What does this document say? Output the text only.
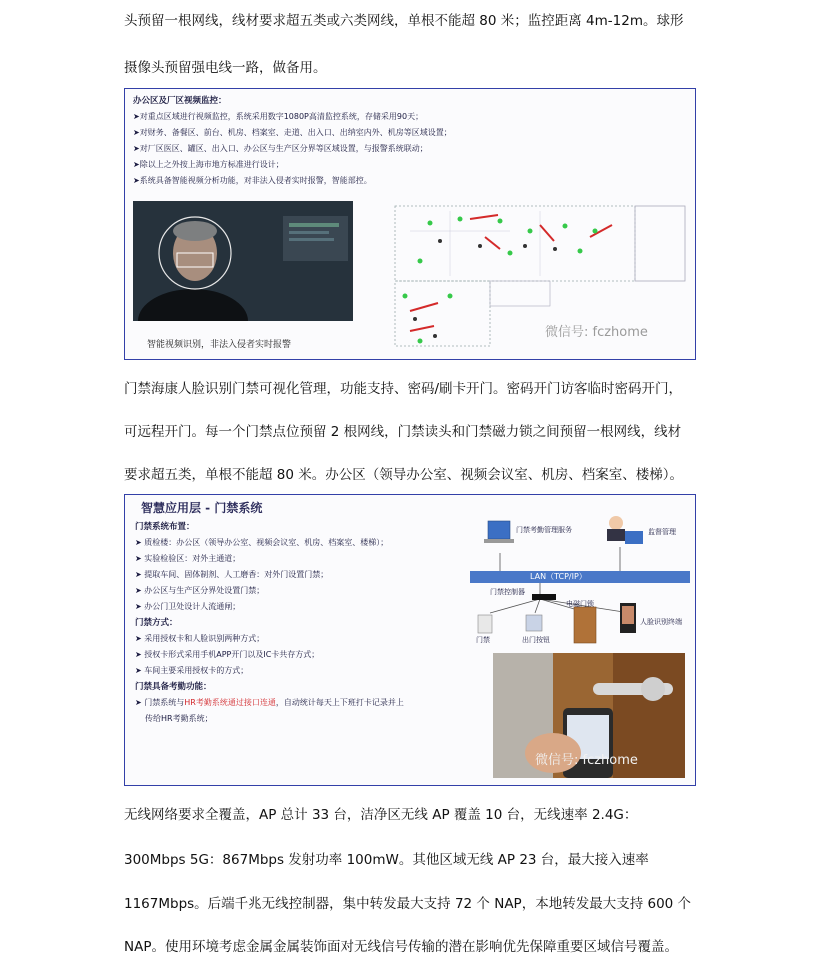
头预留一根网线，线材要求超五类或六类网线，单根不能超 80 米；监控距离 4m-12m。球形
摄像头预留强电线一路，做备用。
办公区及厂区视频监控：
➤对重点区域进行视频监控，系统采用数字1080P高清监控系统，存储采用90天；
➤对财务、备餐区、前台、机房、档案室、走道、出入口、出纳室内外、机房等区域设置；
➤对厂区医区、罐区、出入口、办公区与生产区分界等区域设置，与报警系统联动；
➤除以上之外按上海市地方标准进行设计；
➤系统具备智能视频分析功能，对非法入侵者实时报警，智能部控。
智能视频识别，非法入侵者实时报警
微信号: fczhome
门禁海康人脸识别门禁可视化管理，功能支持、密码/刷卡开门。密码开门访客临时密码开门，
可远程开门。每一个门禁点位预留 2 根网线，门禁读头和门禁磁力锁之间预留一根网线，线材
要求超五类，单根不能超 80 米。办公区（领导办公室、视频会议室、机房、档案室、楼梯）。
智慧应用层 - 门禁系统
门禁系统布置：
➤ 质检楼：办公区（领导办公室、视频会议室、机房、档案室、楼梯）；
➤ 实验检验区：对外主通道；
➤ 提取车间、固体制剂、人工磨香：对外门设置门禁；
➤ 办公区与生产区分界处设置门禁；
➤ 办公门卫处设计人流通闸；
门禁方式：
➤ 采用授权卡和人脸识别两种方式；
➤ 授权卡形式采用手机APP开门以及IC卡共存方式；
➤ 车间主要采用授权卡的方式；
门禁具备考勤功能：
➤ 门禁系统与HR考勤系统通过接口连通，自动统计每天上下班打卡记录并上
传给HR考勤系统；
LAN（TCP/IP）
门禁考勤管理服务	监督管理
门禁控制器
门禁	出门按钮
电磁门锁
人脸识别终端
微信号: fczhome
无线网络要求全覆盖，AP 总计 33 台，洁净区无线 AP 覆盖 10 台，无线速率 2.4G：
300Mbps 5G：867Mbps 发射功率 100mW。其他区域无线 AP 23 台，最大接入速率
1167Mbps。后端千兆无线控制器，集中转发最大支持 72 个 NAP，本地转发最大支持 600 个
NAP。使用环境考虑金属金属装饰面对无线信号传输的潜在影响优先保障重要区域信号覆盖。
